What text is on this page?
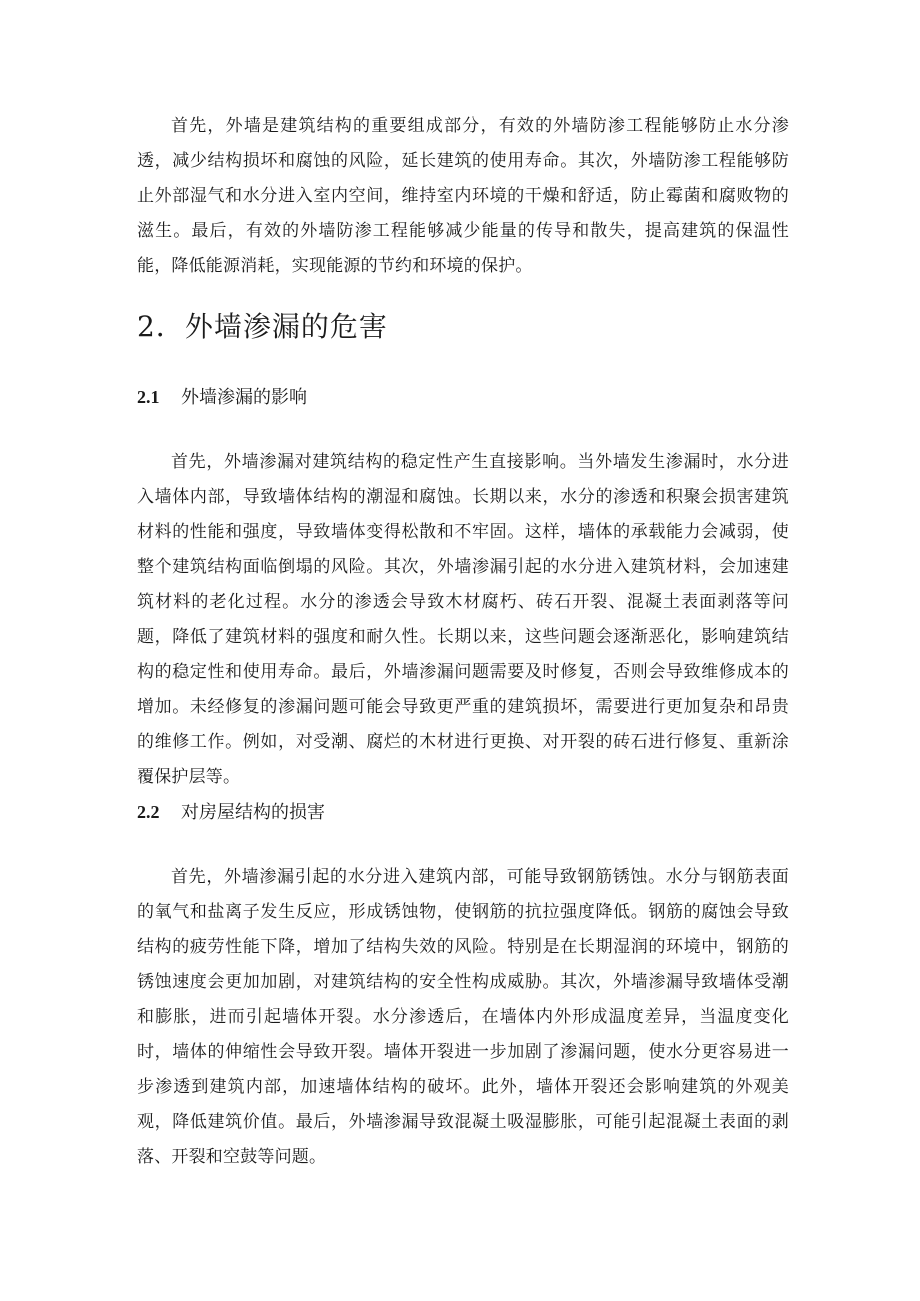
首先，外墙是建筑结构的重要组成部分，有效的外墙防渗工程能够防止水分渗透，减少结构损坏和腐蚀的风险，延长建筑的使用寿命。其次，外墙防渗工程能够防止外部湿气和水分进入室内空间，维持室内环境的干燥和舒适，防止霉菌和腐败物的滋生。最后，有效的外墙防渗工程能够减少能量的传导和散失，提高建筑的保温性能，降低能源消耗，实现能源的节约和环境的保护。

2．外墙渗漏的危害
2.1 外墙渗漏的影响

首先，外墙渗漏对建筑结构的稳定性产生直接影响。当外墙发生渗漏时，水分进入墙体内部，导致墙体结构的潮湿和腐蚀。长期以来，水分的渗透和积聚会损害建筑材料的性能和强度，导致墙体变得松散和不牢固。这样，墙体的承载能力会减弱，使整个建筑结构面临倒塌的风险。其次，外墙渗漏引起的水分进入建筑材料，会加速建筑材料的老化过程。水分的渗透会导致木材腐朽、砖石开裂、混凝土表面剥落等问题，降低了建筑材料的强度和耐久性。长期以来，这些问题会逐渐恶化，影响建筑结构的稳定性和使用寿命。最后，外墙渗漏问题需要及时修复，否则会导致维修成本的增加。未经修复的渗漏问题可能会导致更严重的建筑损坏，需要进行更加复杂和昂贵的维修工作。例如，对受潮、腐烂的木材进行更换、对开裂的砖石进行修复、重新涂覆保护层等。

2.2 对房屋结构的损害

首先，外墙渗漏引起的水分进入建筑内部，可能导致钢筋锈蚀。水分与钢筋表面的氧气和盐离子发生反应，形成锈蚀物，使钢筋的抗拉强度降低。钢筋的腐蚀会导致结构的疲劳性能下降，增加了结构失效的风险。特别是在长期湿润的环境中，钢筋的锈蚀速度会更加加剧，对建筑结构的安全性构成威胁。其次，外墙渗漏导致墙体受潮和膨胀，进而引起墙体开裂。水分渗透后，在墙体内外形成温度差异，当温度变化时，墙体的伸缩性会导致开裂。墙体开裂进一步加剧了渗漏问题，使水分更容易进一步渗透到建筑内部，加速墙体结构的破坏。此外，墙体开裂还会影响建筑的外观美观，降低建筑价值。最后，外墙渗漏导致混凝土吸湿膨胀，可能引起混凝土表面的剥落、开裂和空鼓等问题。
